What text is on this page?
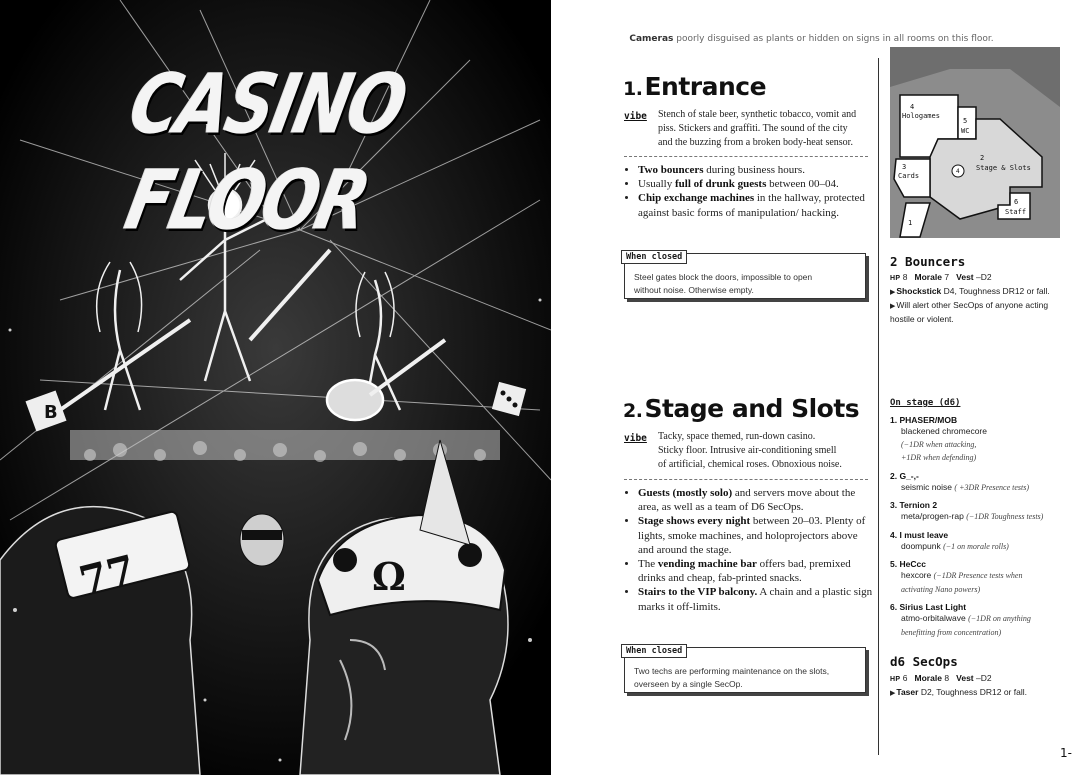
B
77	Ω
CASINO FLOOR
Cameras poorly disguised as plants or hidden on signs in all rooms on this floor.
1.Entrance
vibe Stench of stale beer, synthetic tobacco, vomit and
piss. Stickers and graffiti. The sound of the city
and the buzzing from a broken body-heat sensor.
• Two bouncers during business hours.
• Usually full of drunk guests between 00–04.
• Chip exchange machines in the hallway, protected against basic forms of manipulation/ hacking.
When closed
Steel gates block the doors, impossible to open
without noise. Otherwise empty.
2.Stage and Slots
vibe Tacky, space themed, run-down casino.
Sticky floor. Intrusive air-conditioning smell
of artificial, chemical roses. Obnoxious noise.
• Guests (mostly solo) and servers move about the area, as well as a team of D6 SecOps.
• Stage shows every night between 20–03. Plenty of lights, smoke machines, and holoprojectors above and around the stage.
• The vending machine bar offers bad, premixed drinks and cheap, fab-printed snacks.
• Stairs to the VIP balcony. A chain and a plastic sign marks it off-limits.
When closed
Two techs are performing maintenance on the slots,
overseen by a single SecOp.
4
Holog​ames
5
WC
2
Stage & Slots
3
Cards
4
6
Staff
1
2 Bouncers
HP 8 Morale 7 Vest –D2
▶Shockstick D4, Toughness DR12 or fall.
▶Will alert other SecOps of anyone acting hostile or violent.
On stage (d6)
1. PHASER/MOB
blackened chromecore
(−1DR when attacking,
+1DR when defending)
2. G_-,-
seismic noise ( +3DR Presence tests)
3. Ternion 2
meta/progen-rap (−1DR Toughness tests)
4. I must leave
doompunk (−1 on morale rolls)
5. HeCcc
hexcore (−1DR Presence tests when
activating Nano powers)
6. Sirius Last Light
atmo-orbitalwave (−1DR on anything
benefitting from concentration)
d6 SecOps
HP 6 Morale 8 Vest –D2
▶Taser D2, Toughness DR12 or fall.
1-
